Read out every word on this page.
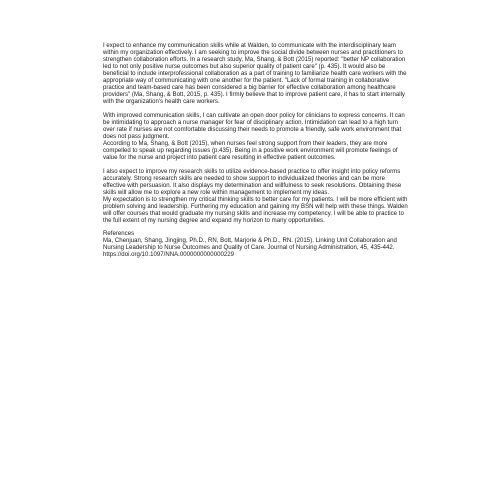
I expect to enhance my communication skills while at Walden, to communicate with the interdisciplinary team within my organization effectively. I am seeking to improve the social divide between nurses and practitioners to strengthen collaboration efforts. In a research study, Ma, Shang, & Bott (2015) reported: "better NP collaboration led to not only positive nurse outcomes but also superior quality of patient care" (p. 435). It would also be beneficial to include interprofessional collaboration as a part of training to familiarize health care workers with the appropriate way of communicating with one another for the patient. "Lack of formal training in collaborative practice and team-based care has been considered a big barrier for effective collaboration among healthcare providers" (Ma, Shang, & Bott, 2015, p. 435). I firmly believe that to improve patient care, it has to start internally with the organization's health care workers.

With improved communication skills, I can cultivate an open door policy for clinicians to express concerns. It can be intimidating to approach a nurse manager for fear of disciplinary action. Intimidation can lead to a high turn over rate if nurses are not comfortable discussing their needs to promote a friendly, safe work environment that does not pass judgment.

According to Ma, Shang, & Bott (2015), when nurses feel strong support from their leaders, they are more compelled to speak up regarding issues (p.435). Being in a positive work environment will promote feelings of value for the nurse and project into patient care resulting in effective patient outcomes.

I also expect to improve my research skills to utilize evidence-based practice to offer insight into policy reforms accurately. Strong research skills are needed to show support to individualized theories and can be more effective with persuasion. It also displays my determination and willfulness to seek resolutions. Obtaining these skills will allow me to explore a new role within management to implement my ideas.

My expectation is to strengthen my critical thinking skills to better care for my patients. I will be more efficient with problem solving and leadership. Furthering my education and gaining my BSN will help with these things. Walden will offer courses that would graduate my nursing skills and increase my competency. I will be able to practice to the full extent of my nursing degree and expand my horizon to many opportunities.

References

Ma, Chenjuan, Shang, Jingjing, Ph.D., RN, Bott, Marjorie & Ph.D., RN. (2015). Linking Unit Collaboration and Nursing Leadership to Nurse Outcomes and Quality of Care. Journal of Nursing Administration, 45, 435-442. https://doi.org/10.1097/NNA.0000000000000229
